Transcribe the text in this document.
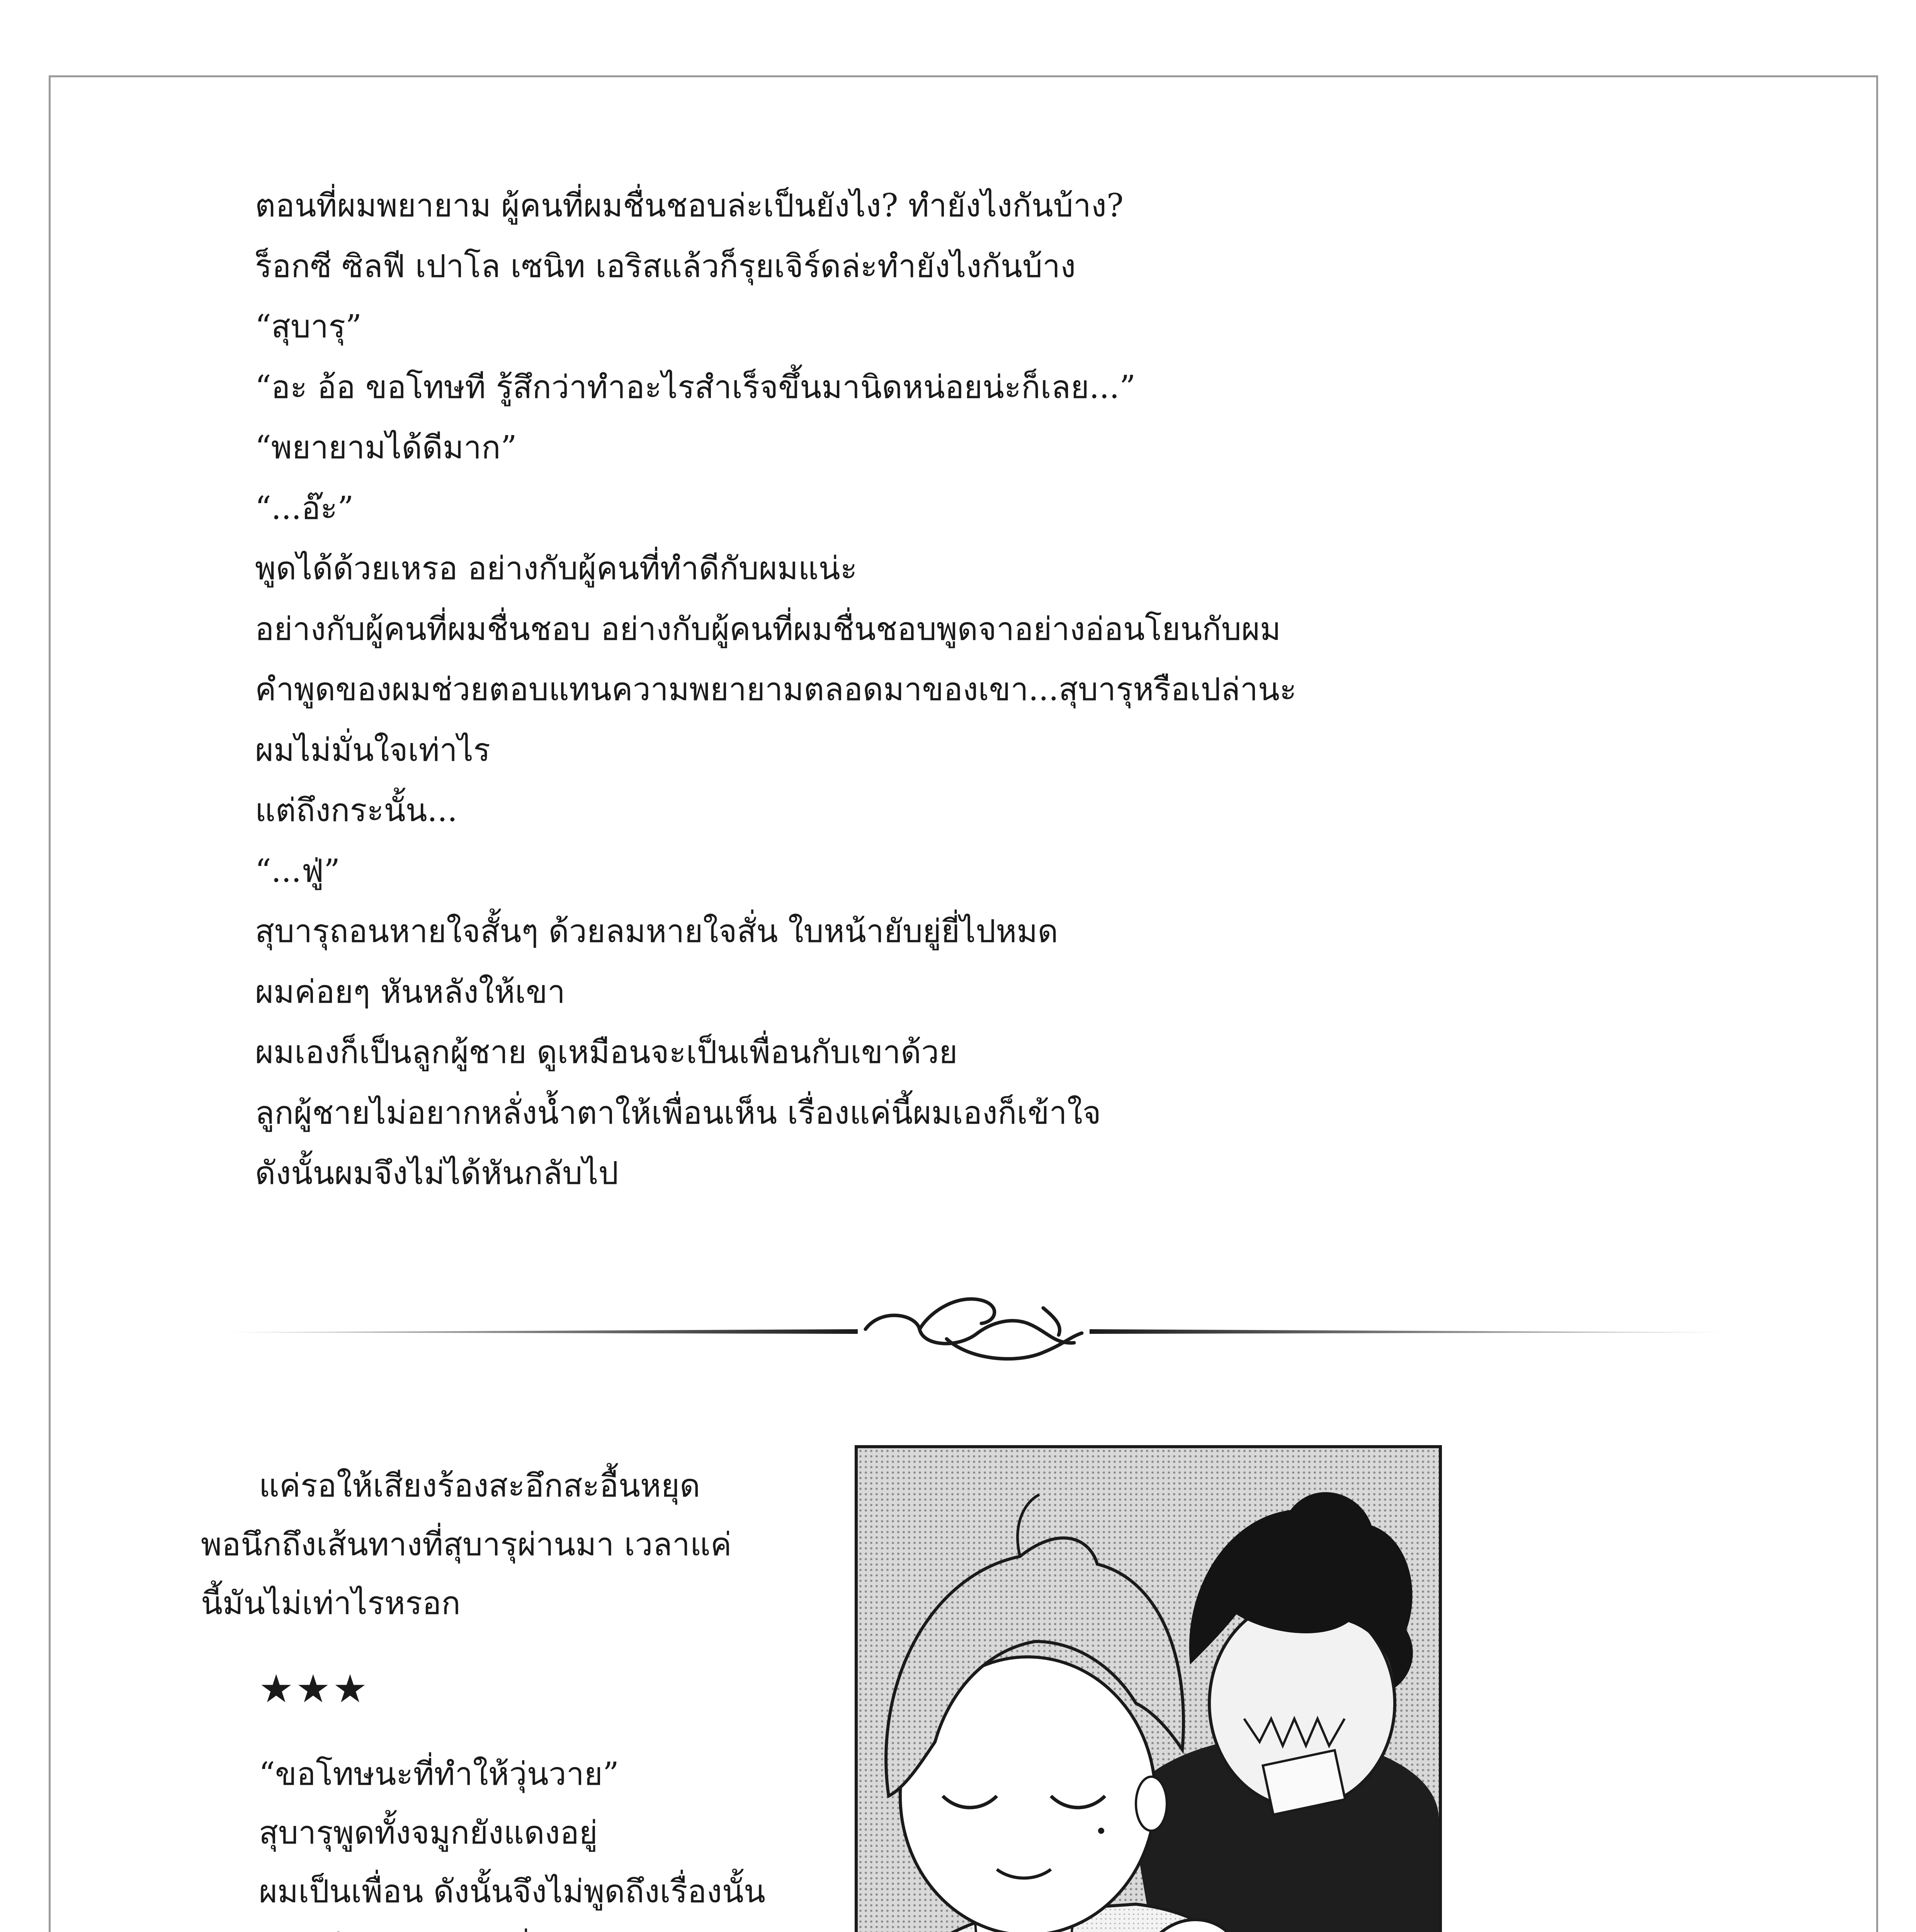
ตอนที่ผมพยายาม ผู้คนที่ผมชื่นชอบล่ะเป็นยังไง? ทำยังไงกันบ้าง?
ร็อกซี ซิลฟี เปาโล เซนิท เอริสแล้วก็รุยเจิร์ดล่ะทำยังไงกันบ้าง
“สุบารุ”
“อะ อ้อ ขอโทษที รู้สึกว่าทำอะไรสำเร็จขึ้นมานิดหน่อยน่ะก็เลย...”
“พยายามได้ดีมาก”
“...อ๊ะ”
พูดได้ด้วยเหรอ อย่างกับผู้คนที่ทำดีกับผมแน่ะ
อย่างกับผู้คนที่ผมชื่นชอบ อย่างกับผู้คนที่ผมชื่นชอบพูดจาอย่างอ่อนโยนกับผม
คำพูดของผมช่วยตอบแทนความพยายามตลอดมาของเขา...สุบารุหรือเปล่านะ
ผมไม่มั่นใจเท่าไร
แต่ถึงกระนั้น...
“...ฟู่”
สุบารุถอนหายใจสั้นๆ ด้วยลมหายใจสั่น ใบหน้ายับยู่ยี่ไปหมด
ผมค่อยๆ หันหลังให้เขา
ผมเองก็เป็นลูกผู้ชาย ดูเหมือนจะเป็นเพื่อนกับเขาด้วย
ลูกผู้ชายไม่อยากหลั่งน้ำตาให้เพื่อนเห็น เรื่องแค่นี้ผมเองก็เข้าใจ
ดังนั้นผมจึงไม่ได้หันกลับไป
แค่รอให้เสียงร้องสะอึกสะอื้นหยุด
พอนึกถึงเส้นทางที่สุบารุผ่านมา เวลาแค่
นี้มันไม่เท่าไรหรอก
★★★
“ขอโทษนะที่ทำให้วุ่นวาย”
สุบารุพูดทั้งจมูกยังแดงอยู่
ผมเป็นเพื่อน ดังนั้นจึงไม่พูดถึงเรื่องนั้น
